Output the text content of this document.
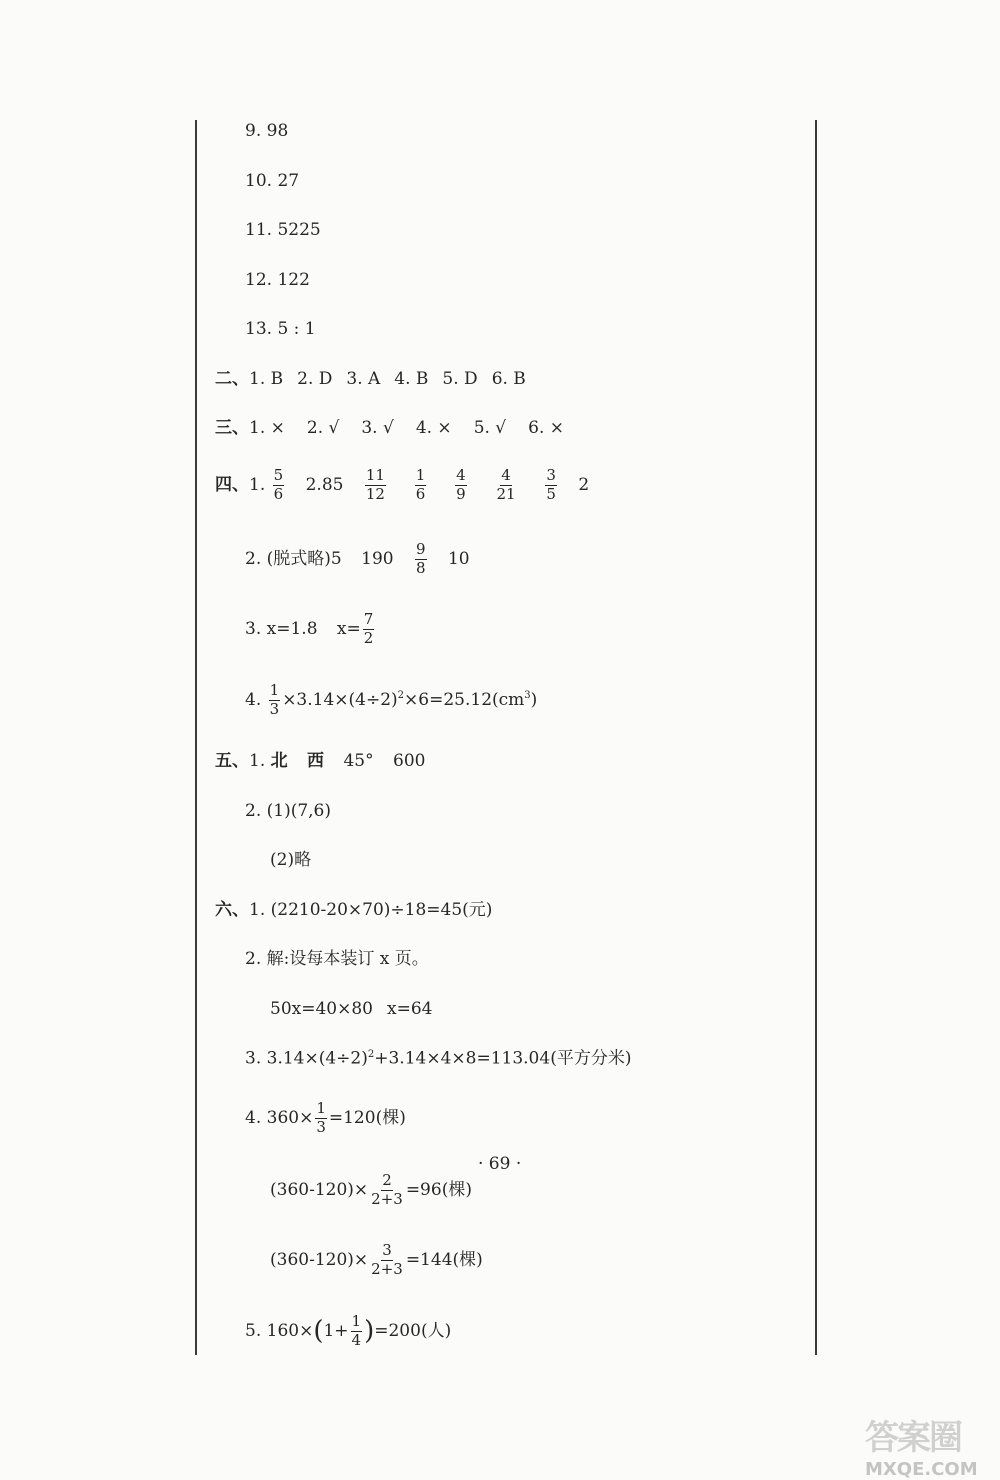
9. 98
10. 27
11. 5225
12. 122
13. 5 : 1
二、1. B 2. D 3. A 4. B 5. D 6. B
三、1. × 2. √ 3. √ 4. × 5. √ 6. ×
四、1. $\frac{5}{6} 2.85 \frac{11}{12}$
$\frac{1}{6}$
$\frac{4}{9}$
$\frac{4}{21}$
$\frac{3}{5} 2$
2. (脱式略)5 $190 \frac{9}{8} 10$
3. x=1.8 $x= \frac{7}{2}$
4. $\frac{1}{3} \times 3.14\times(4\div 2)^2\times 6=25.12(cm^3)$
五、1. 北 西 45° 600
2. (1)(7,6)
(2)略
六、1. (2210-20×70)÷18=45(元)
2. 解:设每本装订 x 页。
50x=40×80 x=64
3. $3.14\times(4\div 2)^2+3.14\times 4\times 8=113.04$(平方分米)
4. $360\times \frac{1}{3} =120$(棵)
$(360-120)\times \frac{2}{2+3} =96$(棵)
$(360-120)\times \frac{3}{2+3} =144$(棵)
5. $160\times(1+ \frac{1}{4} )=200$(人)
· 69 ·
答案圈
MXQE.COM
